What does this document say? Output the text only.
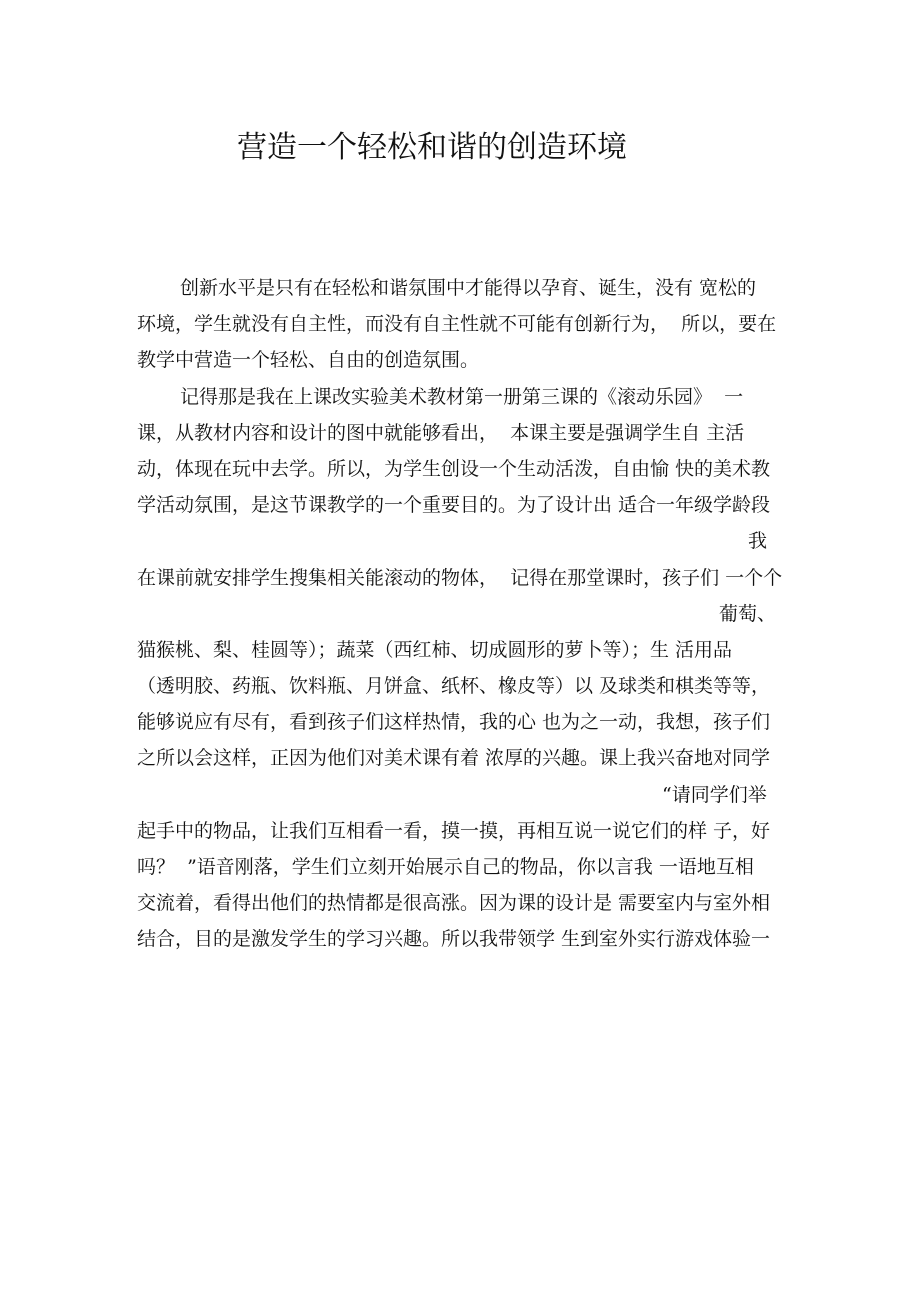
营造一个轻松和谐的创造环境
创新水平是只有在轻松和谐氛围中才能得以孕育、诞生，没有 宽松的
环境，学生就没有自主性，而没有自主性就不可能有创新行为，  所以，要在
教学中营造一个轻松、自由的创造氛围。
记得那是我在上课改实验美术教材第一册第三课的《滚动乐园》  一
课，从教材内容和设计的图中就能够看出，  本课主要是强调学生自 主活
动，体现在玩中去学。所以，为学生创设一个生动活泼，自由愉 快的美术教
学活动氛围，是这节课教学的一个重要目的。为了设计出 适合一年级学龄段

我

在课前就安排学生搜集相关能滚动的物体，  记得在那堂课时，孩子们 一个个

葡萄、

猫猴桃、梨、桂圆等）；蔬菜（西红柿、切成圆形的萝卜等）；生 活用品
（透明胶、药瓶、饮料瓶、月饼盒、纸杯、橡皮等）以 及球类和棋类等等，
能够说应有尽有，看到孩子们这样热情，我的心 也为之一动，我想，孩子们
之所以会这样，正因为他们对美术课有着 浓厚的兴趣。课上我兴奋地对同学

“请同学们举

起手中的物品，让我们互相看一看，摸一摸，再相互说一说它们的样 子，好
吗？  ”语音刚落，学生们立刻开始展示自己的物品，你以言我 一语地互相
交流着，看得出他们的热情都是很高涨。因为课的设计是 需要室内与室外相
结合，目的是激发学生的学习兴趣。所以我带领学 生到室外实行游戏体验一
